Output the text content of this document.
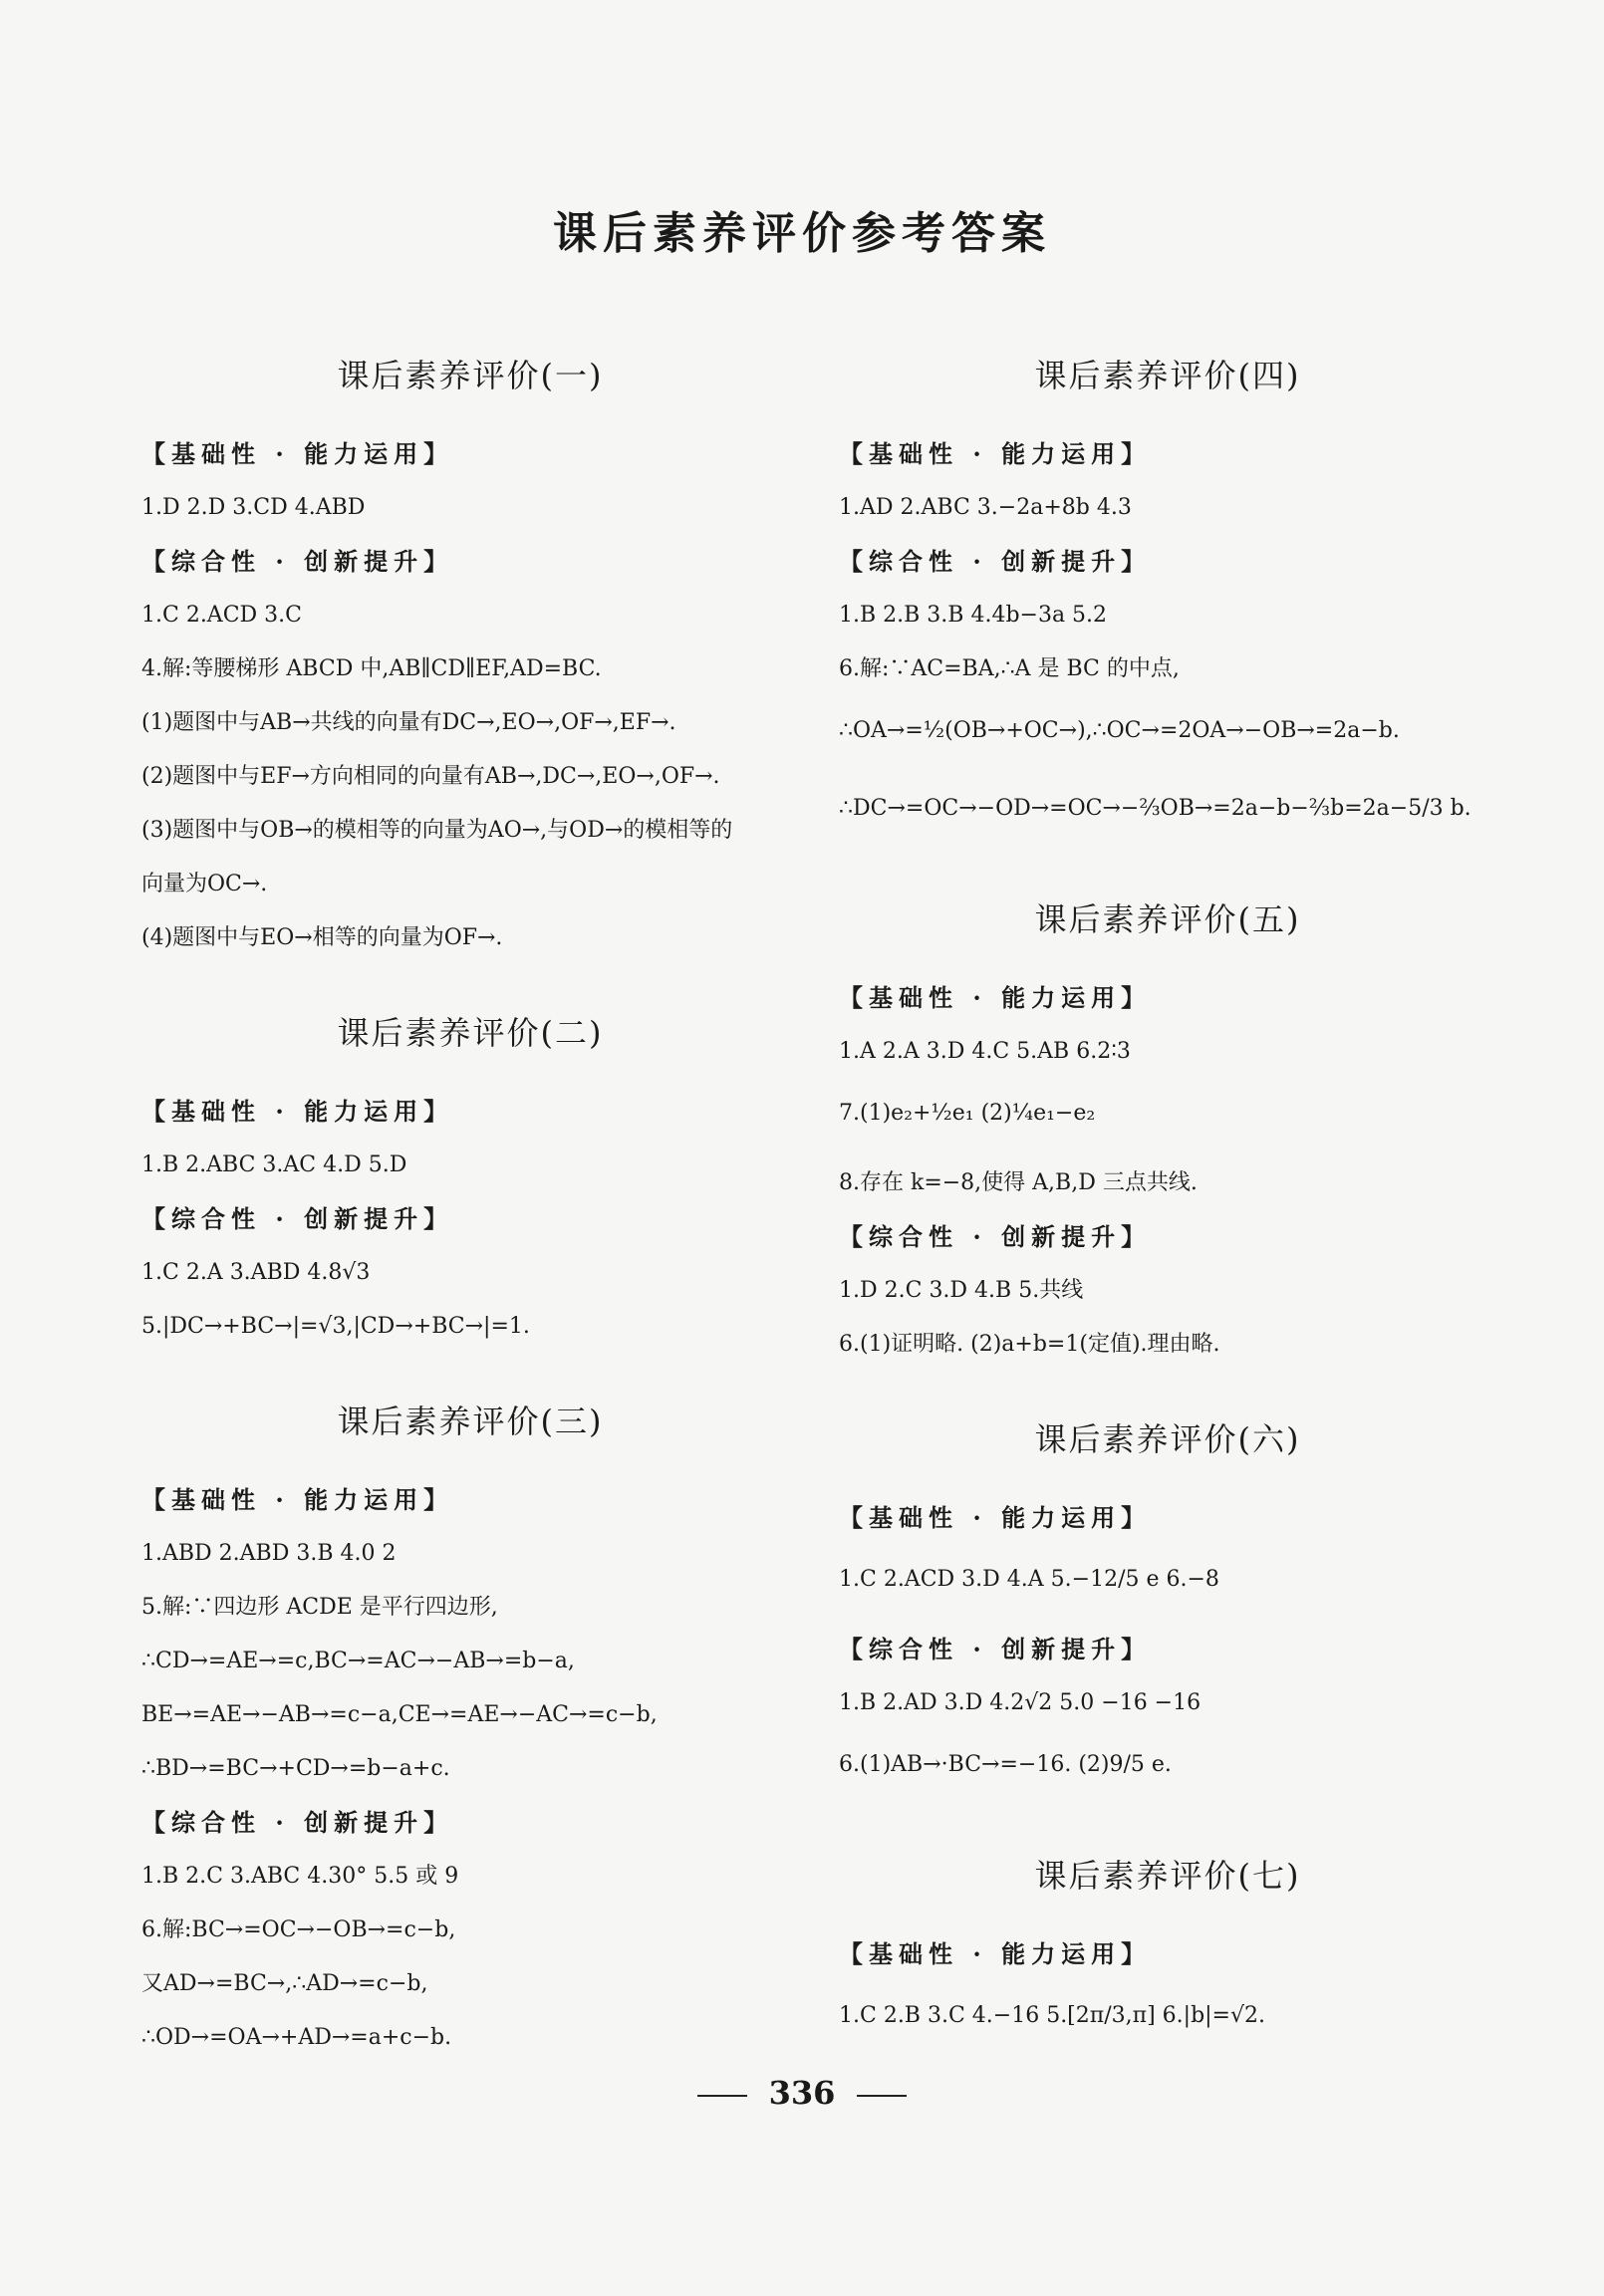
课后素养评价参考答案
课后素养评价(一)
【基础性 · 能力运用】
1.D 2.D 3.CD 4.ABD
【综合性 · 创新提升】
1.C 2.ACD 3.C
4.解:等腰梯形 ABCD 中,AB∥CD∥EF,AD=BC.
(1)题图中与AB→共线的向量有DC→,EO→,OF→,EF→.
(2)题图中与EF→方向相同的向量有AB→,DC→,EO→,OF→.
(3)题图中与OB→的模相等的向量为AO→,与OD→的模相等的
向量为OC→.
(4)题图中与EO→相等的向量为OF→.
课后素养评价(二)
【基础性 · 能力运用】
1.B 2.ABC 3.AC 4.D 5.D
【综合性 · 创新提升】
1.C 2.A 3.ABD 4.8√3
5.|DC→+BC→|=√3,|CD→+BC→|=1.
课后素养评价(三)
【基础性 · 能力运用】
1.ABD 2.ABD 3.B 4.0 2
5.解:∵四边形 ACDE 是平行四边形,
∴CD→=AE→=c,BC→=AC→−AB→=b−a,
BE→=AE→−AB→=c−a,CE→=AE→−AC→=c−b,
∴BD→=BC→+CD→=b−a+c.
【综合性 · 创新提升】
1.B 2.C 3.ABC 4.30° 5.5 或 9
6.解:BC→=OC→−OB→=c−b,
又AD→=BC→,∴AD→=c−b,
∴OD→=OA→+AD→=a+c−b.
课后素养评价(四)
【基础性 · 能力运用】
1.AD 2.ABC 3.−2a+8b 4.3
【综合性 · 创新提升】
1.B 2.B 3.B 4.4b−3a 5.2
6.解:∵AC=BA,∴A 是 BC 的中点,
∴OA→=½(OB→+OC→),∴OC→=2OA→−OB→=2a−b.
∴DC→=OC→−OD→=OC→−⅔OB→=2a−b−⅔b=2a−5/3 b.
课后素养评价(五)
【基础性 · 能力运用】
1.A 2.A 3.D 4.C 5.AB 6.2∶3
7.(1)e₂+½e₁ (2)¼e₁−e₂
8.存在 k=−8,使得 A,B,D 三点共线.
【综合性 · 创新提升】
1.D 2.C 3.D 4.B 5.共线
6.(1)证明略. (2)a+b=1(定值).理由略.
课后素养评价(六)
【基础性 · 能力运用】
1.C 2.ACD 3.D 4.A 5.−12/5 e 6.−8
【综合性 · 创新提升】
1.B 2.AD 3.D 4.2√2 5.0 −16 −16
6.(1)AB→·BC→=−16. (2)9/5 e.
课后素养评价(七)
【基础性 · 能力运用】
1.C 2.B 3.C 4.−16 5.[2π/3,π] 6.|b|=√2.
336
